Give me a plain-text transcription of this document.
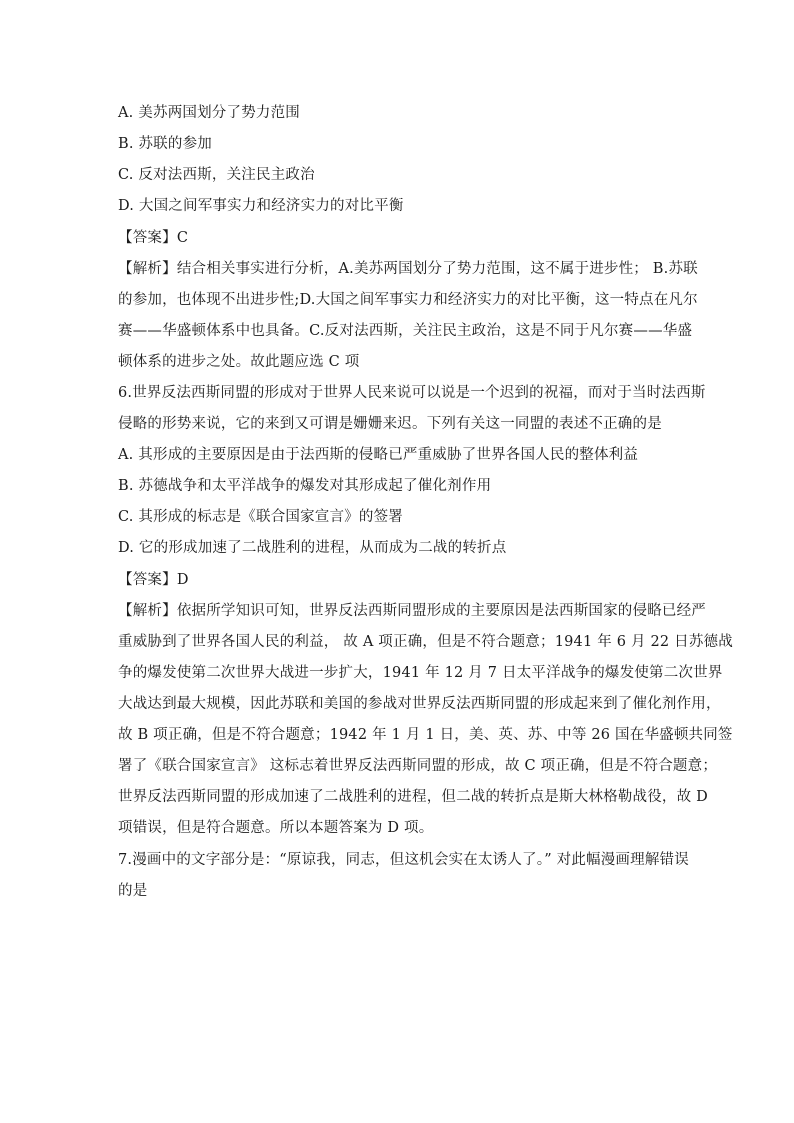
A. 美苏两国划分了势力范围
B. 苏联的参加
C. 反对法西斯，关注民主政治
D. 大国之间军事实力和经济实力的对比平衡
【答案】C
【解析】结合相关事实进行分析，A.美苏两国划分了势力范围，这不属于进步性； B.苏联
的参加，也体现不出进步性;D.大国之间军事实力和经济实力的对比平衡，这一特点在凡尔
赛——华盛顿体系中也具备。C.反对法西斯，关注民主政治，这是不同于凡尔赛——华盛
顿体系的进步之处。故此题应选 C 项
6.世界反法西斯同盟的形成对于世界人民来说可以说是一个迟到的祝福，而对于当时法西斯
侵略的形势来说，它的来到又可谓是姗姗来迟。下列有关这一同盟的表述不正确的是
A. 其形成的主要原因是由于法西斯的侵略已严重威胁了世界各国人民的整体利益
B. 苏德战争和太平洋战争的爆发对其形成起了催化剂作用
C. 其形成的标志是《联合国家宣言》的签署
D. 它的形成加速了二战胜利的进程，从而成为二战的转折点
【答案】D
【解析】依据所学知识可知，世界反法西斯同盟形成的主要原因是法西斯国家的侵略已经严
重威胁到了世界各国人民的利益， 故 A 项正确，但是不符合题意；1941 年 6 月 22 日苏德战
争的爆发使第二次世界大战进一步扩大，1941 年 12 月 7 日太平洋战争的爆发使第二次世界
大战达到最大规模，因此苏联和美国的参战对世界反法西斯同盟的形成起来到了催化剂作用，
故 B 项正确，但是不符合题意；1942 年 1 月 1 日，美、英、苏、中等 26 国在华盛顿共同签
署了《联合国家宣言》 这标志着世界反法西斯同盟的形成，故 C 项正确，但是不符合题意；
世界反法西斯同盟的形成加速了二战胜利的进程，但二战的转折点是斯大林格勒战役，故 D
项错误，但是符合题意。所以本题答案为 D 项。
7.漫画中的文字部分是：“原谅我，同志，但这机会实在太诱人了。” 对此幅漫画理解错误
的是
